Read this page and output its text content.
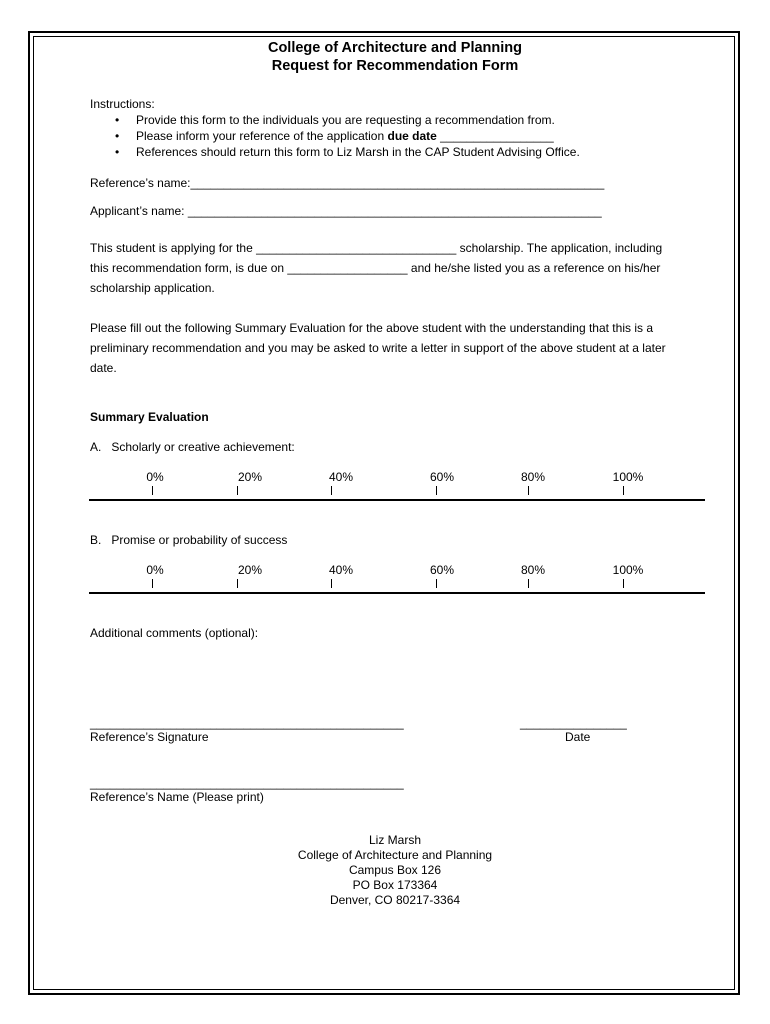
College of Architecture and Planning
Request for Recommendation Form
Instructions:
• Provide this form to the individuals you are requesting a recommendation from.
• Please inform your reference of the application due date _________________
• References should return this form to Liz Marsh in the CAP Student Advising Office.
Reference’s name:______________________________________________________________
Applicant’s name: ______________________________________________________________
This student is applying for the ______________________________ scholarship. The application, including
this recommendation form, is due on __________________ and he/she listed you as a reference on his/her
scholarship application.
Please fill out the following Summary Evaluation for the above student with the understanding that this is a
preliminary recommendation and you may be asked to write a letter in support of the above student at a later
date.
Summary Evaluation
A.   Scholarly or creative achievement:
0%	20%	40%	60%	80%	100%
B.   Promise or probability of success
0%	20%	40%	60%	80%	100%
Additional comments (optional):
_______________________________________________
Reference’s Signature
________________
Date
_______________________________________________
Reference’s Name (Please print)
Liz Marsh
College of Architecture and Planning
Campus Box 126
PO Box 173364
Denver, CO 80217-3364
